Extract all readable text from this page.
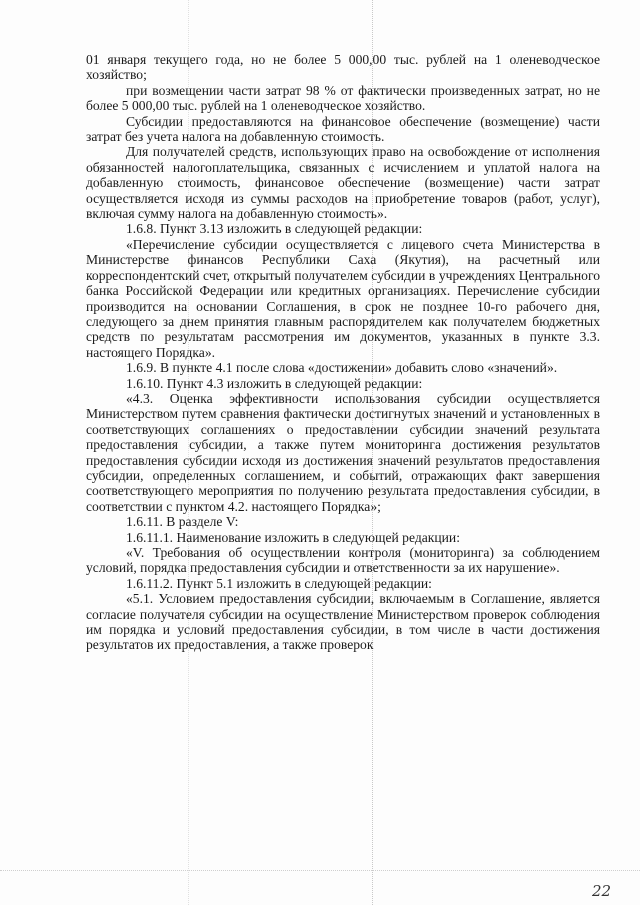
01 января текущего года, но не более 5 000,00 тыс. рублей на 1 оленеводческое хозяйство;

при возмещении части затрат 98 % от фактически произведенных затрат, но не более 5 000,00 тыс. рублей на 1 оленеводческое хозяйство.

Субсидии предоставляются на финансовое обеспечение (возмещение) части затрат без учета налога на добавленную стоимость.

Для получателей средств, использующих право на освобождение от исполнения обязанностей налогоплательщика, связанных с исчислением и уплатой налога на добавленную стоимость, финансовое обеспечение (возмещение) части затрат осуществляется исходя из суммы расходов на приобретение товаров (работ, услуг), включая сумму налога на добавленную стоимость».

1.6.8. Пункт 3.13 изложить в следующей редакции:

«Перечисление субсидии осуществляется с лицевого счета Министерства в Министерстве финансов Республики Саха (Якутия), на расчетный или корреспондентский счет, открытый получателем субсидии в учреждениях Центрального банка Российской Федерации или кредитных организациях. Перечисление субсидии производится на основании Соглашения, в срок не позднее 10-го рабочего дня, следующего за днем принятия главным распорядителем как получателем бюджетных средств по результатам рассмотрения им документов, указанных в пункте 3.3. настоящего Порядка».

1.6.9. В пункте 4.1 после слова «достижении» добавить слово «значений».

1.6.10. Пункт 4.3 изложить в следующей редакции:

«4.3. Оценка эффективности использования субсидии осуществляется Министерством путем сравнения фактически достигнутых значений и установленных в соответствующих соглашениях о предоставлении субсидии значений результата предоставления субсидии, а также путем мониторинга достижения результатов предоставления субсидии исходя из достижения значений результатов предоставления субсидии, определенных соглашением, и событий, отражающих факт завершения соответствующего мероприятия по получению результата предоставления субсидии, в соответствии с пунктом 4.2. настоящего Порядка»;

1.6.11. В разделе V:

1.6.11.1. Наименование изложить в следующей редакции:

«V. Требования об осуществлении контроля (мониторинга) за соблюдением условий, порядка предоставления субсидии и ответственности за их нарушение».

1.6.11.2. Пункт 5.1 изложить в следующей редакции:

«5.1. Условием предоставления субсидии, включаемым в Соглашение, является согласие получателя субсидии на осуществление Министерством проверок соблюдения им порядка и условий предоставления субсидии, в том числе в части достижения результатов их предоставления, а также проверок

22
